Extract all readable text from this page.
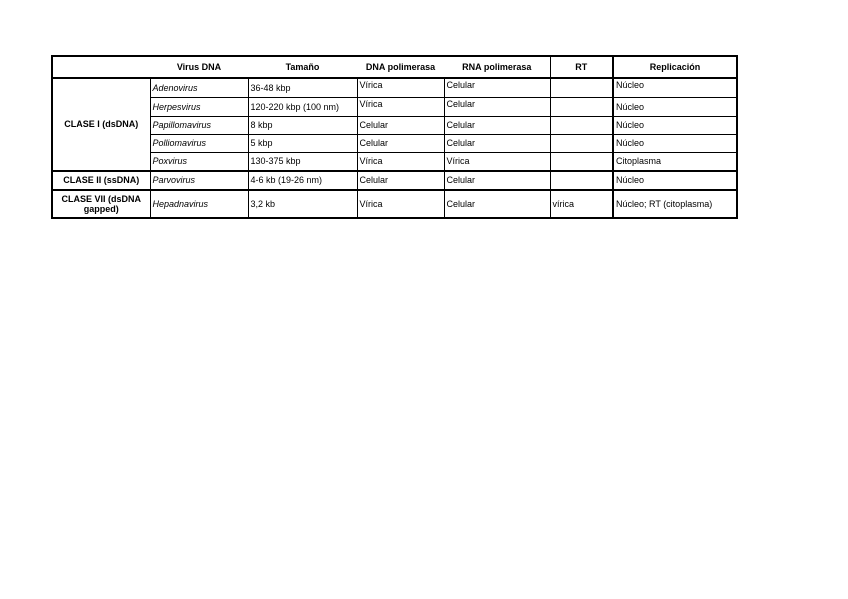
	Virus DNA	Tamaño	DNA polimerasa	RNA polimerasa	RT	Replicación
CLASE I (dsDNA)	Adenovirus	36-48 kbp	Vírica	Celular		Núcleo
	Herpesvirus	120-220 kbp (100 nm)	Vírica	Celular		Núcleo
	Papillomavirus	8 kbp	Celular	Celular		Núcleo
	Polliomavirus	5 kbp	Celular	Celular		Núcleo
	Poxvirus	130-375 kbp	Vírica	Vírica		Citoplasma
CLASE II (ssDNA)	Parvovirus	4-6 kb (19-26 nm)	Celular	Celular		Núcleo
CLASE VII (dsDNA gapped)	Hepadnavirus	3,2 kb	Vírica	Celular	vírica	Núcleo; RT (citoplasma)
